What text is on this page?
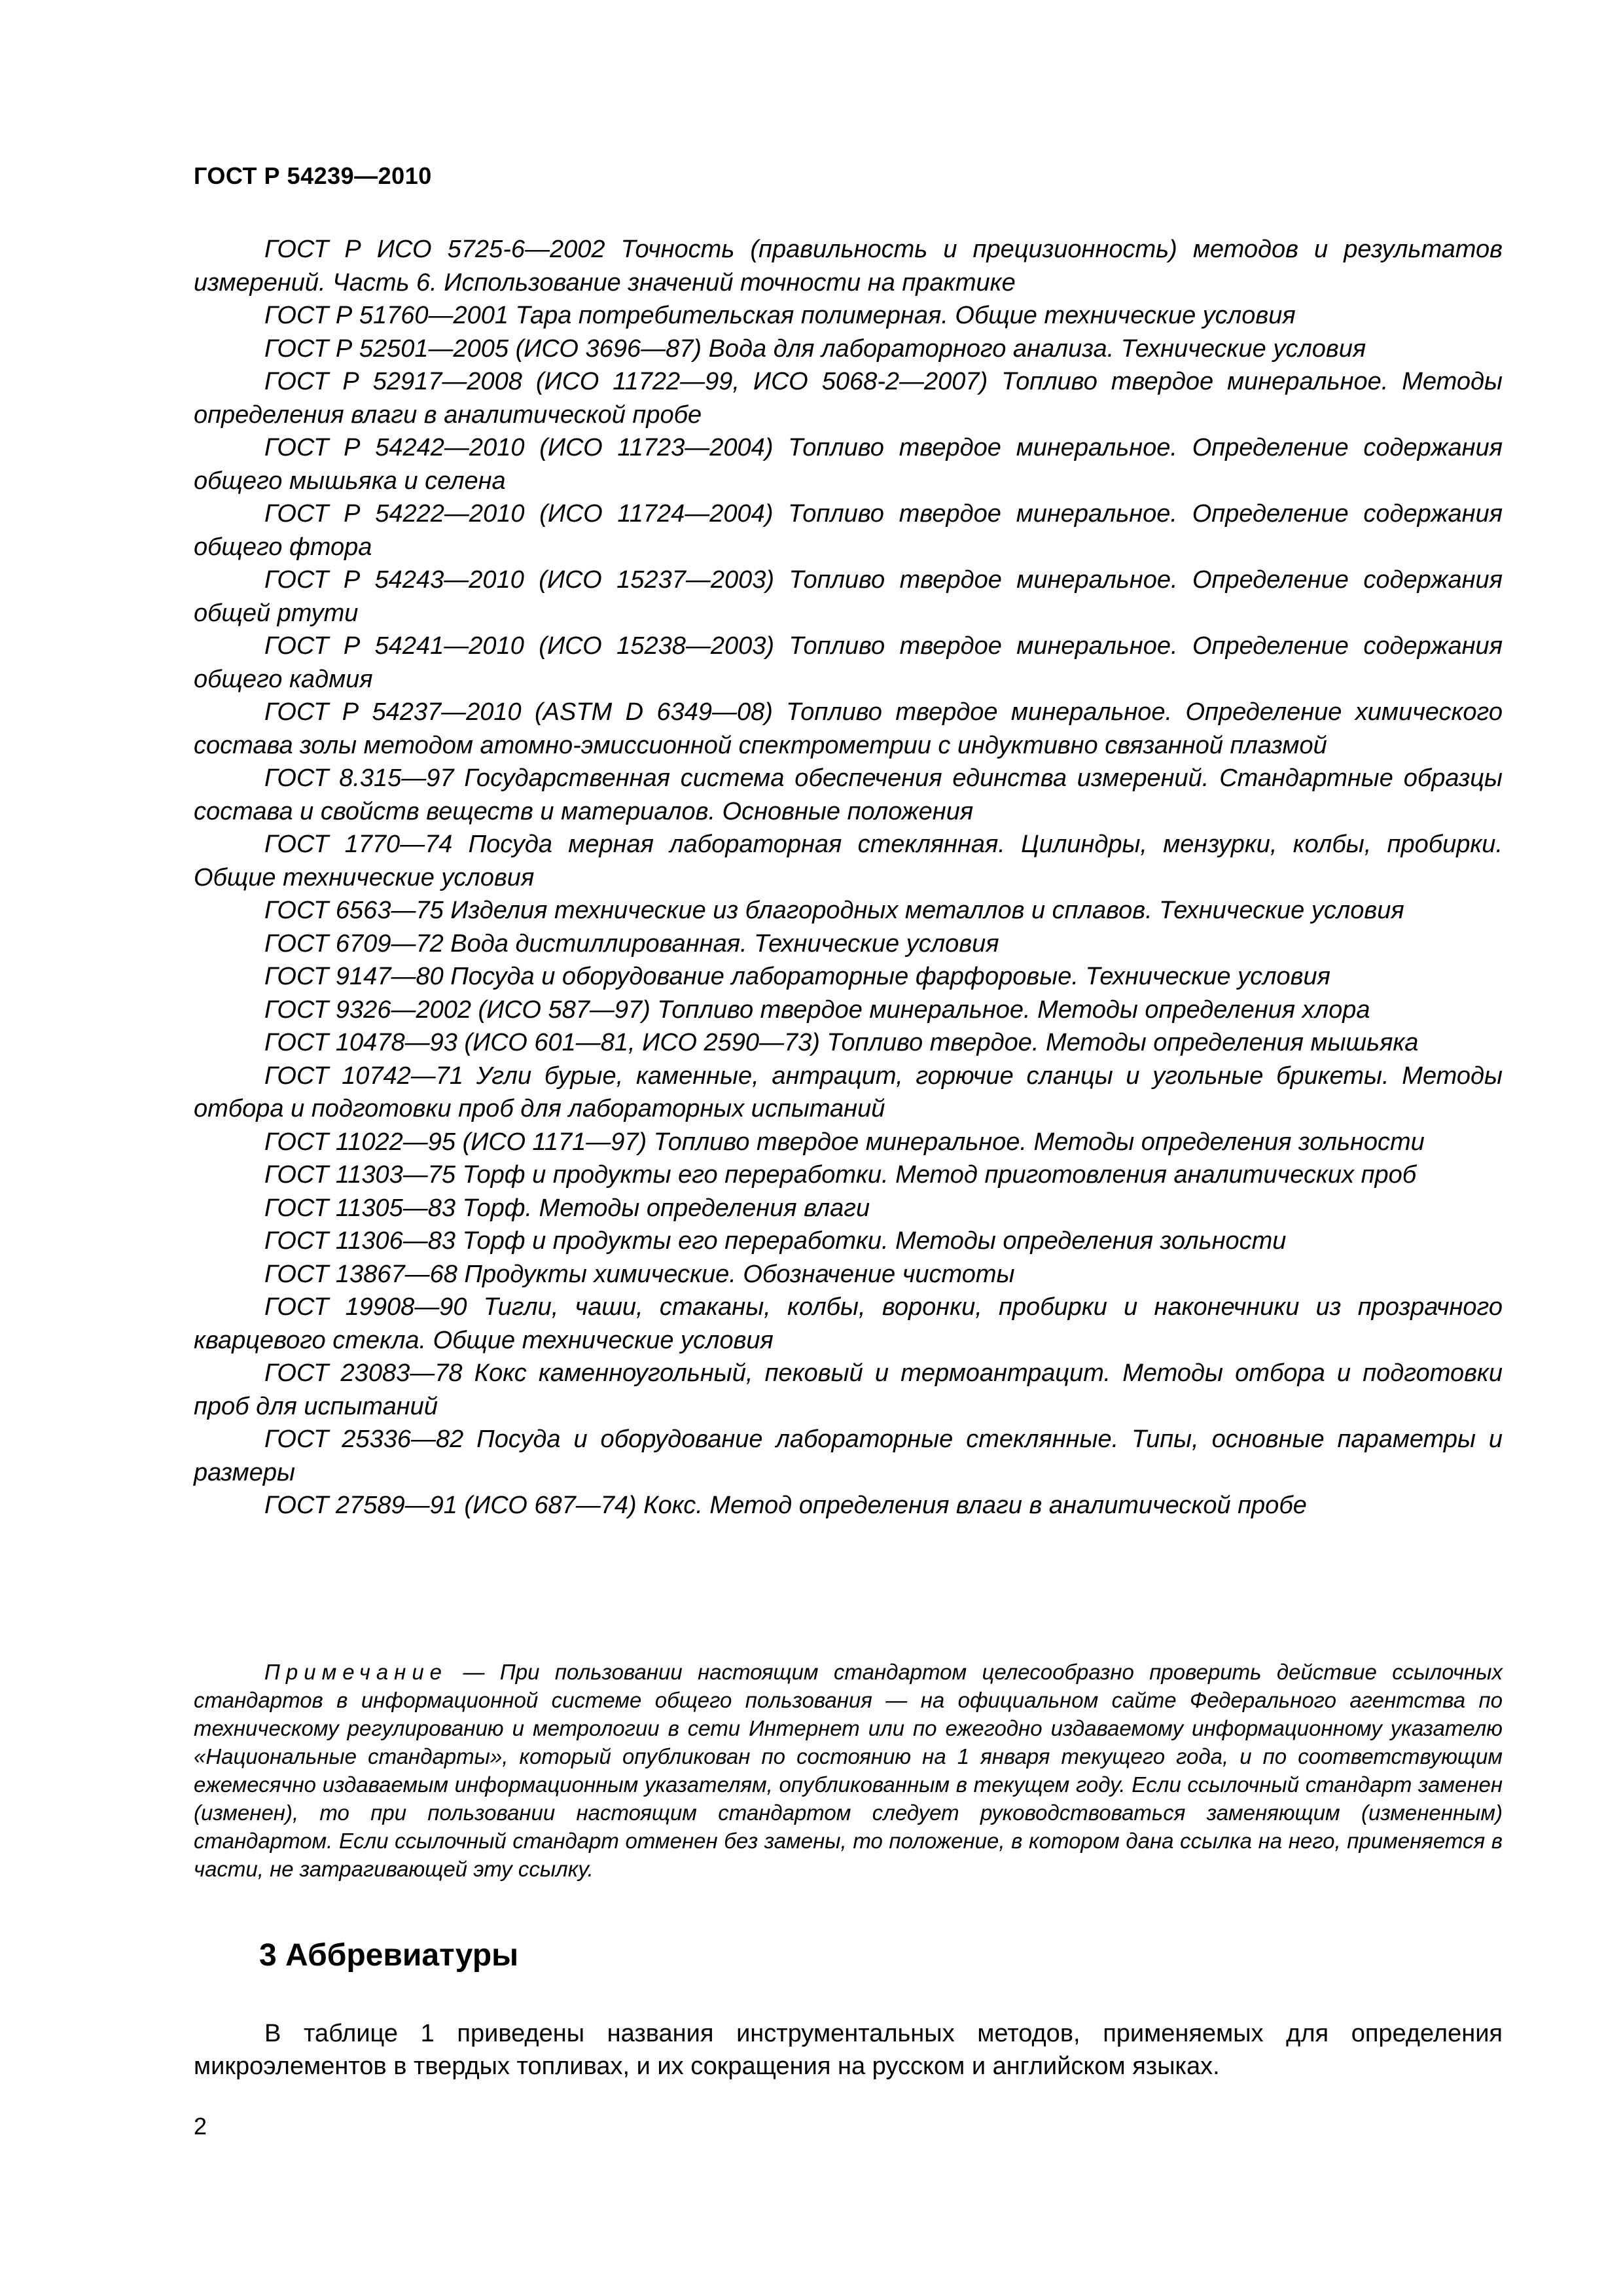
ГОСТ Р 54239—2010

ГОСТ Р ИСО 5725-6—2002 Точность (правильность и прецизионность) методов и результатов измерений. Часть 6. Использование значений точности на практике

ГОСТ Р 51760—2001 Тара потребительская полимерная. Общие технические условия

ГОСТ Р 52501—2005 (ИСО 3696—87) Вода для лабораторного анализа. Технические условия

ГОСТ Р 52917—2008 (ИСО 11722—99, ИСО 5068-2—2007) Топливо твердое минеральное. Методы определения влаги в аналитической пробе

ГОСТ Р 54242—2010 (ИСО 11723—2004) Топливо твердое минеральное. Определение содержания общего мышьяка и селена

ГОСТ Р 54222—2010 (ИСО 11724—2004) Топливо твердое минеральное. Определение содержания общего фтора

ГОСТ Р 54243—2010 (ИСО 15237—2003) Топливо твердое минеральное. Определение содержания общей ртути

ГОСТ Р 54241—2010 (ИСО 15238—2003) Топливо твердое минеральное. Определение содержания общего кадмия

ГОСТ Р 54237—2010 (ASTM D 6349—08) Топливо твердое минеральное. Определение химического состава золы методом атомно-эмиссионной спектрометрии с индуктивно связанной плазмой

ГОСТ 8.315—97 Государственная система обеспечения единства измерений. Стандартные образцы состава и свойств веществ и материалов. Основные положения

ГОСТ 1770—74 Посуда мерная лабораторная стеклянная. Цилиндры, мензурки, колбы, пробирки. Общие технические условия

ГОСТ 6563—75 Изделия технические из благородных металлов и сплавов. Технические условия

ГОСТ 6709—72 Вода дистиллированная. Технические условия

ГОСТ 9147—80 Посуда и оборудование лабораторные фарфоровые. Технические условия

ГОСТ 9326—2002 (ИСО 587—97) Топливо твердое минеральное. Методы определения хлора

ГОСТ 10478—93 (ИСО 601—81, ИСО 2590—73) Топливо твердое. Методы определения мышьяка

ГОСТ 10742—71 Угли бурые, каменные, антрацит, горючие сланцы и угольные брикеты. Методы отбора и подготовки проб для лабораторных испытаний

ГОСТ 11022—95 (ИСО 1171—97) Топливо твердое минеральное. Методы определения зольности

ГОСТ 11303—75 Торф и продукты его переработки. Метод приготовления аналитических проб

ГОСТ 11305—83 Торф. Методы определения влаги

ГОСТ 11306—83 Торф и продукты его переработки. Методы определения зольности

ГОСТ 13867—68 Продукты химические. Обозначение чистоты

ГОСТ 19908—90 Тигли, чаши, стаканы, колбы, воронки, пробирки и наконечники из прозрачного кварцевого стекла. Общие технические условия

ГОСТ 23083—78 Кокс каменноугольный, пековый и термоантрацит. Методы отбора и подготовки проб для испытаний

ГОСТ 25336—82 Посуда и оборудование лабораторные стеклянные. Типы, основные параметры и размеры

ГОСТ 27589—91 (ИСО 687—74) Кокс. Метод определения влаги в аналитической пробе

Примечание — При пользовании настоящим стандартом целесообразно проверить действие ссылочных стандартов в информационной системе общего пользования — на официальном сайте Федерального агентства по техническому регулированию и метрологии в сети Интернет или по ежегодно издаваемому информационному указателю «Национальные стандарты», который опубликован по состоянию на 1 января текущего года, и по соответствующим ежемесячно издаваемым информационным указателям, опубликованным в текущем году. Если ссылочный стандарт заменен (изменен), то при пользовании настоящим стандартом следует руководствоваться заменяющим (измененным) стандартом. Если ссылочный стандарт отменен без замены, то положение, в котором дана ссылка на него, применяется в части, не затрагивающей эту ссылку.

3 Аббревиатуры

В таблице 1 приведены названия инструментальных методов, применяемых для определения микроэлементов в твердых топливах, и их сокращения на русском и английском языках.

2
